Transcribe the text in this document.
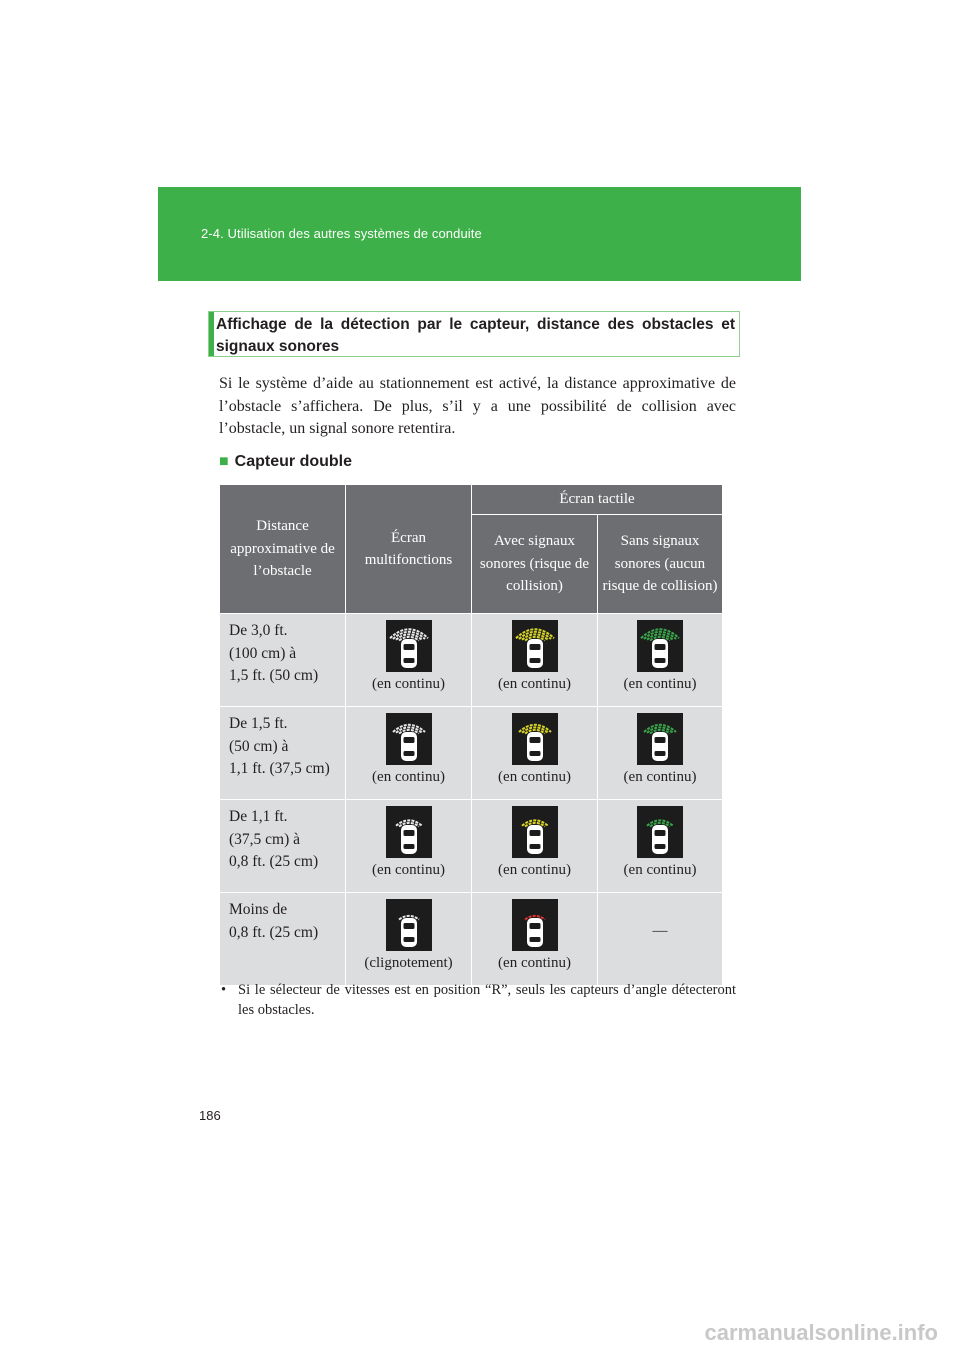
2-4. Utilisation des autres systèmes de conduite
Affichage de la détection par le capteur, distance des obstacles et signaux sonores
Si le système d’aide au stationnement est activé, la distance approximative de l’obstacle s’affichera. De plus, s’il y a une possibilité de collision avec l’obstacle, un signal sonore retentira.
■ Capteur double
Distance approximative de l’obstacle	Écran multifonctions	Écran tactile	
		Avec signaux sonores (risque de collision)	Sans signaux sonores (aucun risque de collision)

De 3,0 ft.
(100 cm) à
1,5 ft. (50 cm)	(en continu)	(en continu)	(en continu)

De 1,5 ft.
(50 cm) à
1,1 ft. (37,5 cm)	(en continu)	(en continu)	(en continu)

De 1,1 ft.
(37,5 cm) à
0,8 ft. (25 cm)	(en continu)	(en continu)	(en continu)

Moins de
0,8 ft. (25 cm)	(clignotement)	(en continu)	—
• Si le sélecteur de vitesses est en position “R”, seuls les capteurs d’angle détecteront les obstacles.
186
carmanualsonline.info
